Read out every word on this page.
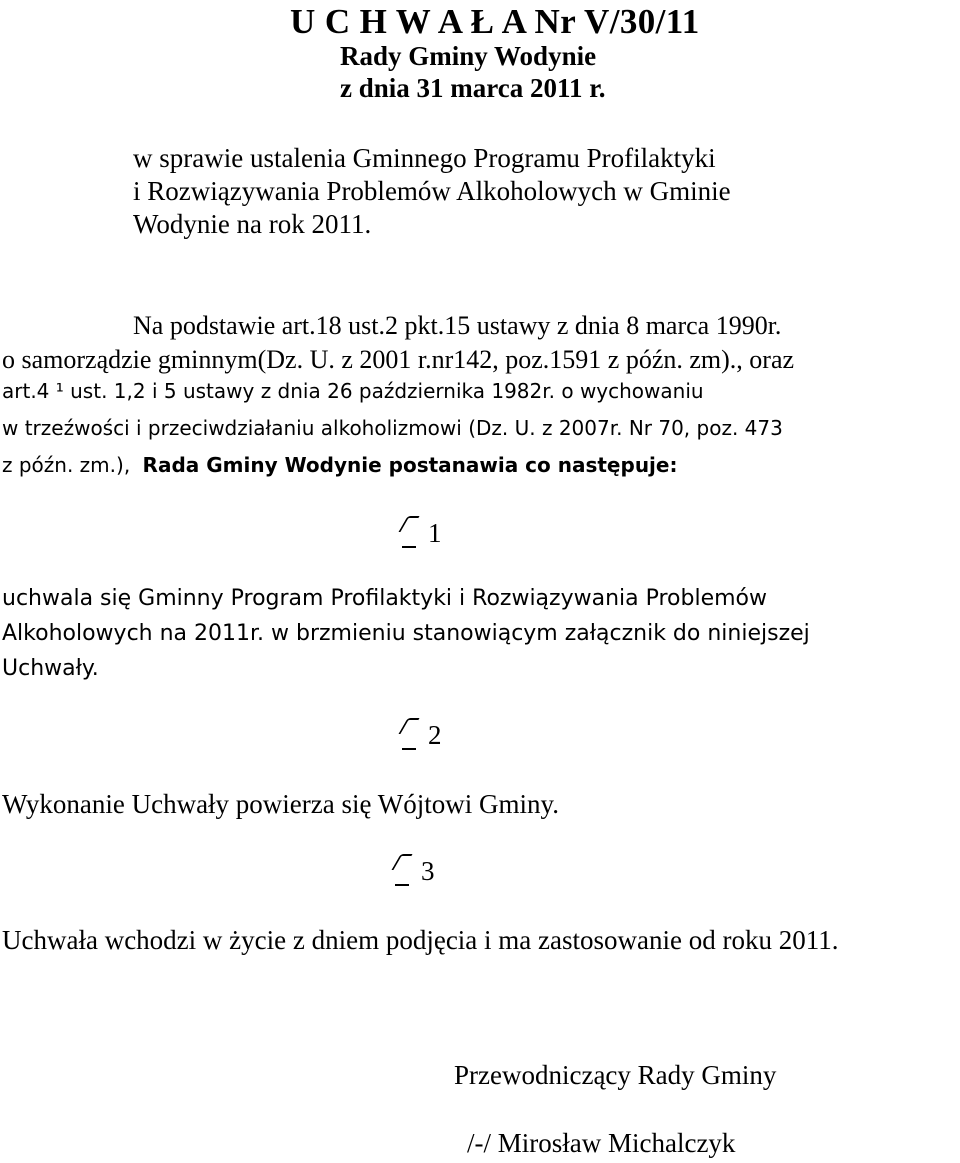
U C H W A Ł A Nr V/30/11
Rady Gminy Wodynie
z dnia 31 marca 2011 r.
w sprawie ustalenia Gminnego Programu Profilaktyki
i Rozwiązywania Problemów Alkoholowych w Gminie
Wodynie na rok 2011.
Na podstawie art.18 ust.2 pkt.15 ustawy z dnia 8 marca 1990r.
o samorządzie gminnym(Dz. U. z 2001 r.nr142, poz.1591 z późn. zm)., oraz
art.4 ¹ ust. 1,2 i 5 ustawy z dnia 26 października 1982r. o wychowaniu
w trzeźwości i przeciwdziałaniu alkoholizmowi (Dz. U. z 2007r. Nr 70, poz. 473
z późn. zm.), Rada Gminy Wodynie postanawia co następuje:
1
uchwala się Gminny Program Profilaktyki i Rozwiązywania Problemów
Alkoholowych na 2011r. w brzmieniu stanowiącym załącznik do niniejszej
Uchwały.
2
Wykonanie Uchwały powierza się Wójtowi Gminy.
3
Uchwała wchodzi w życie z dniem podjęcia i ma zastosowanie od roku 2011.
Przewodniczący Rady Gminy
/-/ Mirosław Michalczyk
